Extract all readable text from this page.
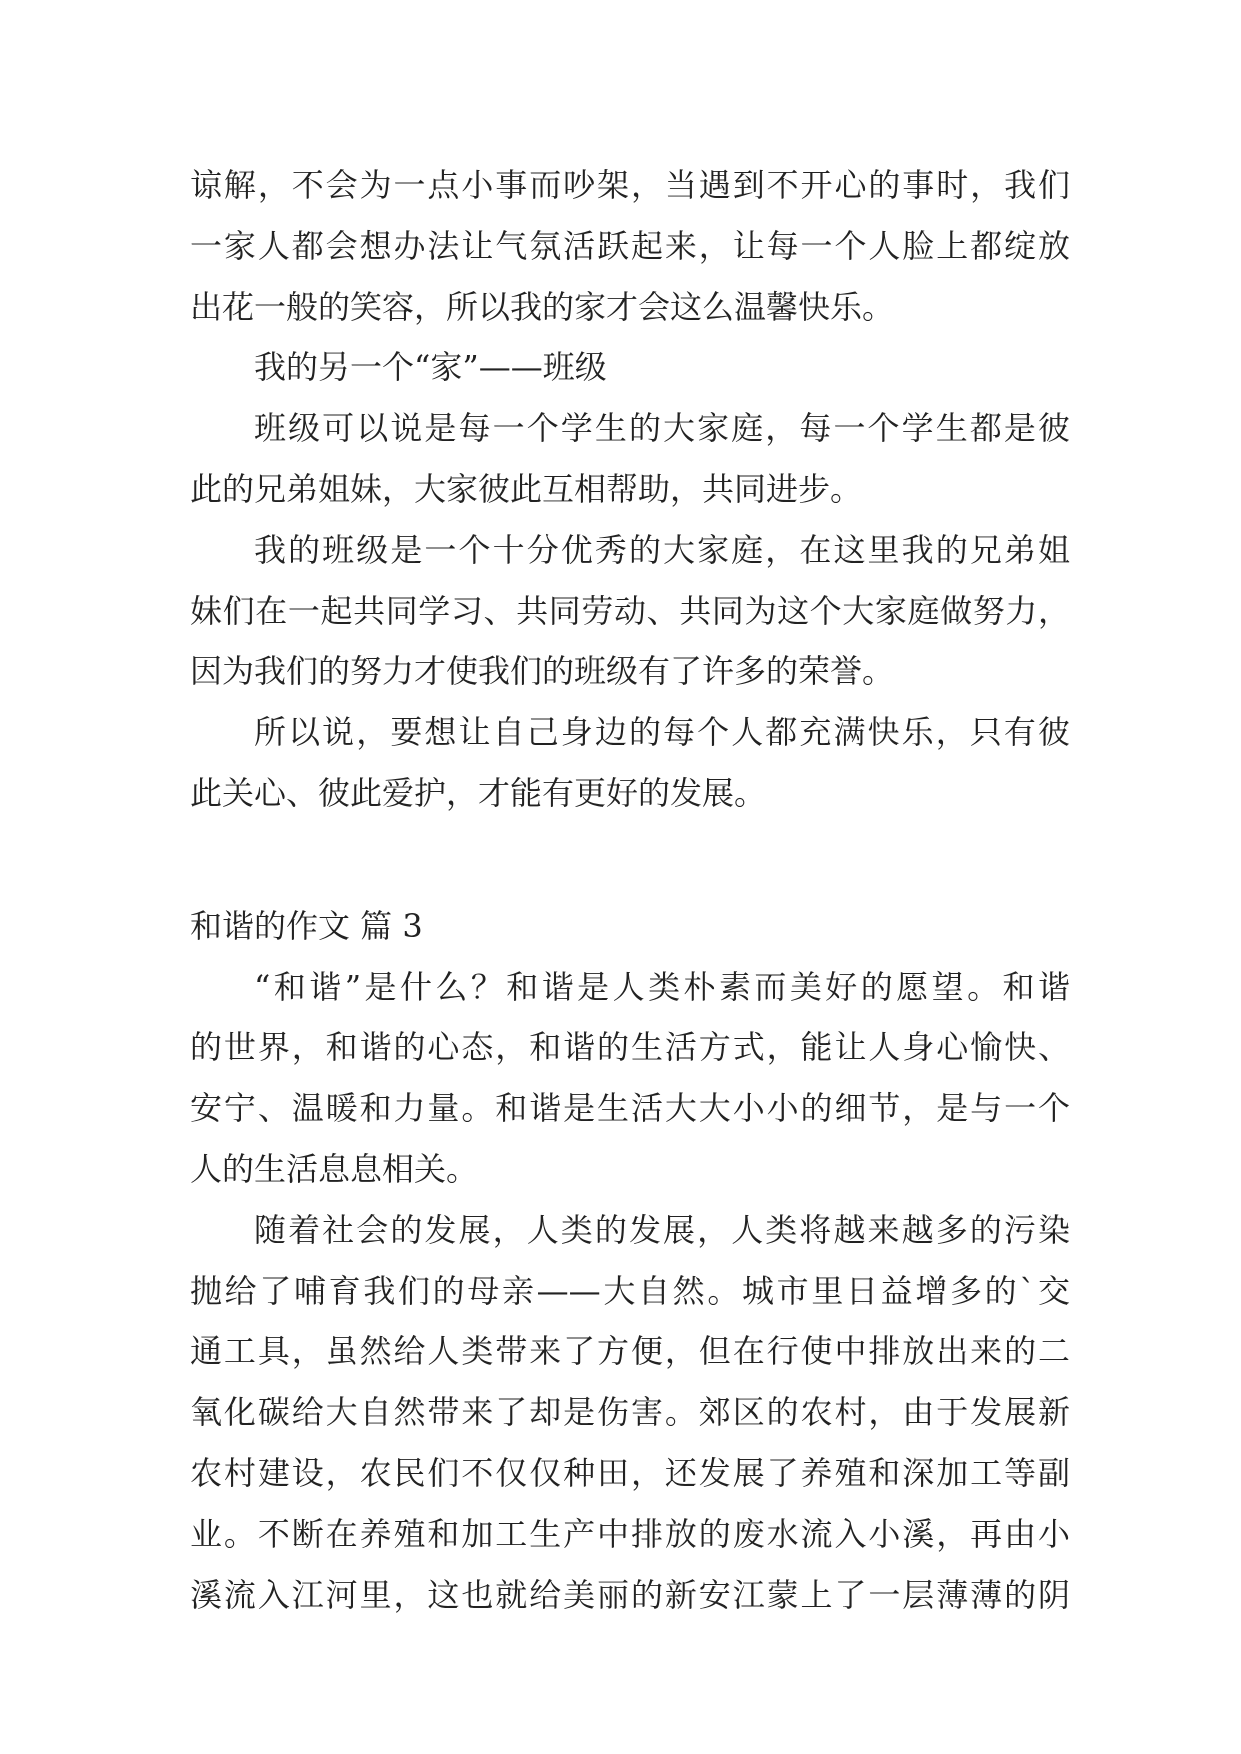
谅解，不会为一点小事而吵架，当遇到不开心的事时，我们
一家人都会想办法让气氛活跃起来，让每一个人脸上都绽放
出花一般的笑容，所以我的家才会这么温馨快乐。
我的另一个“家”——班级
班级可以说是每一个学生的大家庭，每一个学生都是彼
此的兄弟姐妹，大家彼此互相帮助，共同进步。
我的班级是一个十分优秀的大家庭，在这里我的兄弟姐
妹们在一起共同学习、共同劳动、共同为这个大家庭做努力，
因为我们的努力才使我们的班级有了许多的荣誉。
所以说，要想让自己身边的每个人都充满快乐，只有彼
此关心、彼此爱护，才能有更好的发展。
和谐的作文 篇 3
“和谐”是什么？和谐是人类朴素而美好的愿望。和谐
的世界，和谐的心态，和谐的生活方式，能让人身心愉快、
安宁、温暖和力量。和谐是生活大大小小的细节，是与一个
人的生活息息相关。
随着社会的发展，人类的发展，人类将越来越多的污染
抛给了哺育我们的母亲——大自然。城市里日益增多的`交
通工具，虽然给人类带来了方便，但在行使中排放出来的二
氧化碳给大自然带来了却是伤害。郊区的农村，由于发展新
农村建设，农民们不仅仅种田，还发展了养殖和深加工等副
业。不断在养殖和加工生产中排放的废水流入小溪，再由小
溪流入江河里，这也就给美丽的新安江蒙上了一层薄薄的阴
